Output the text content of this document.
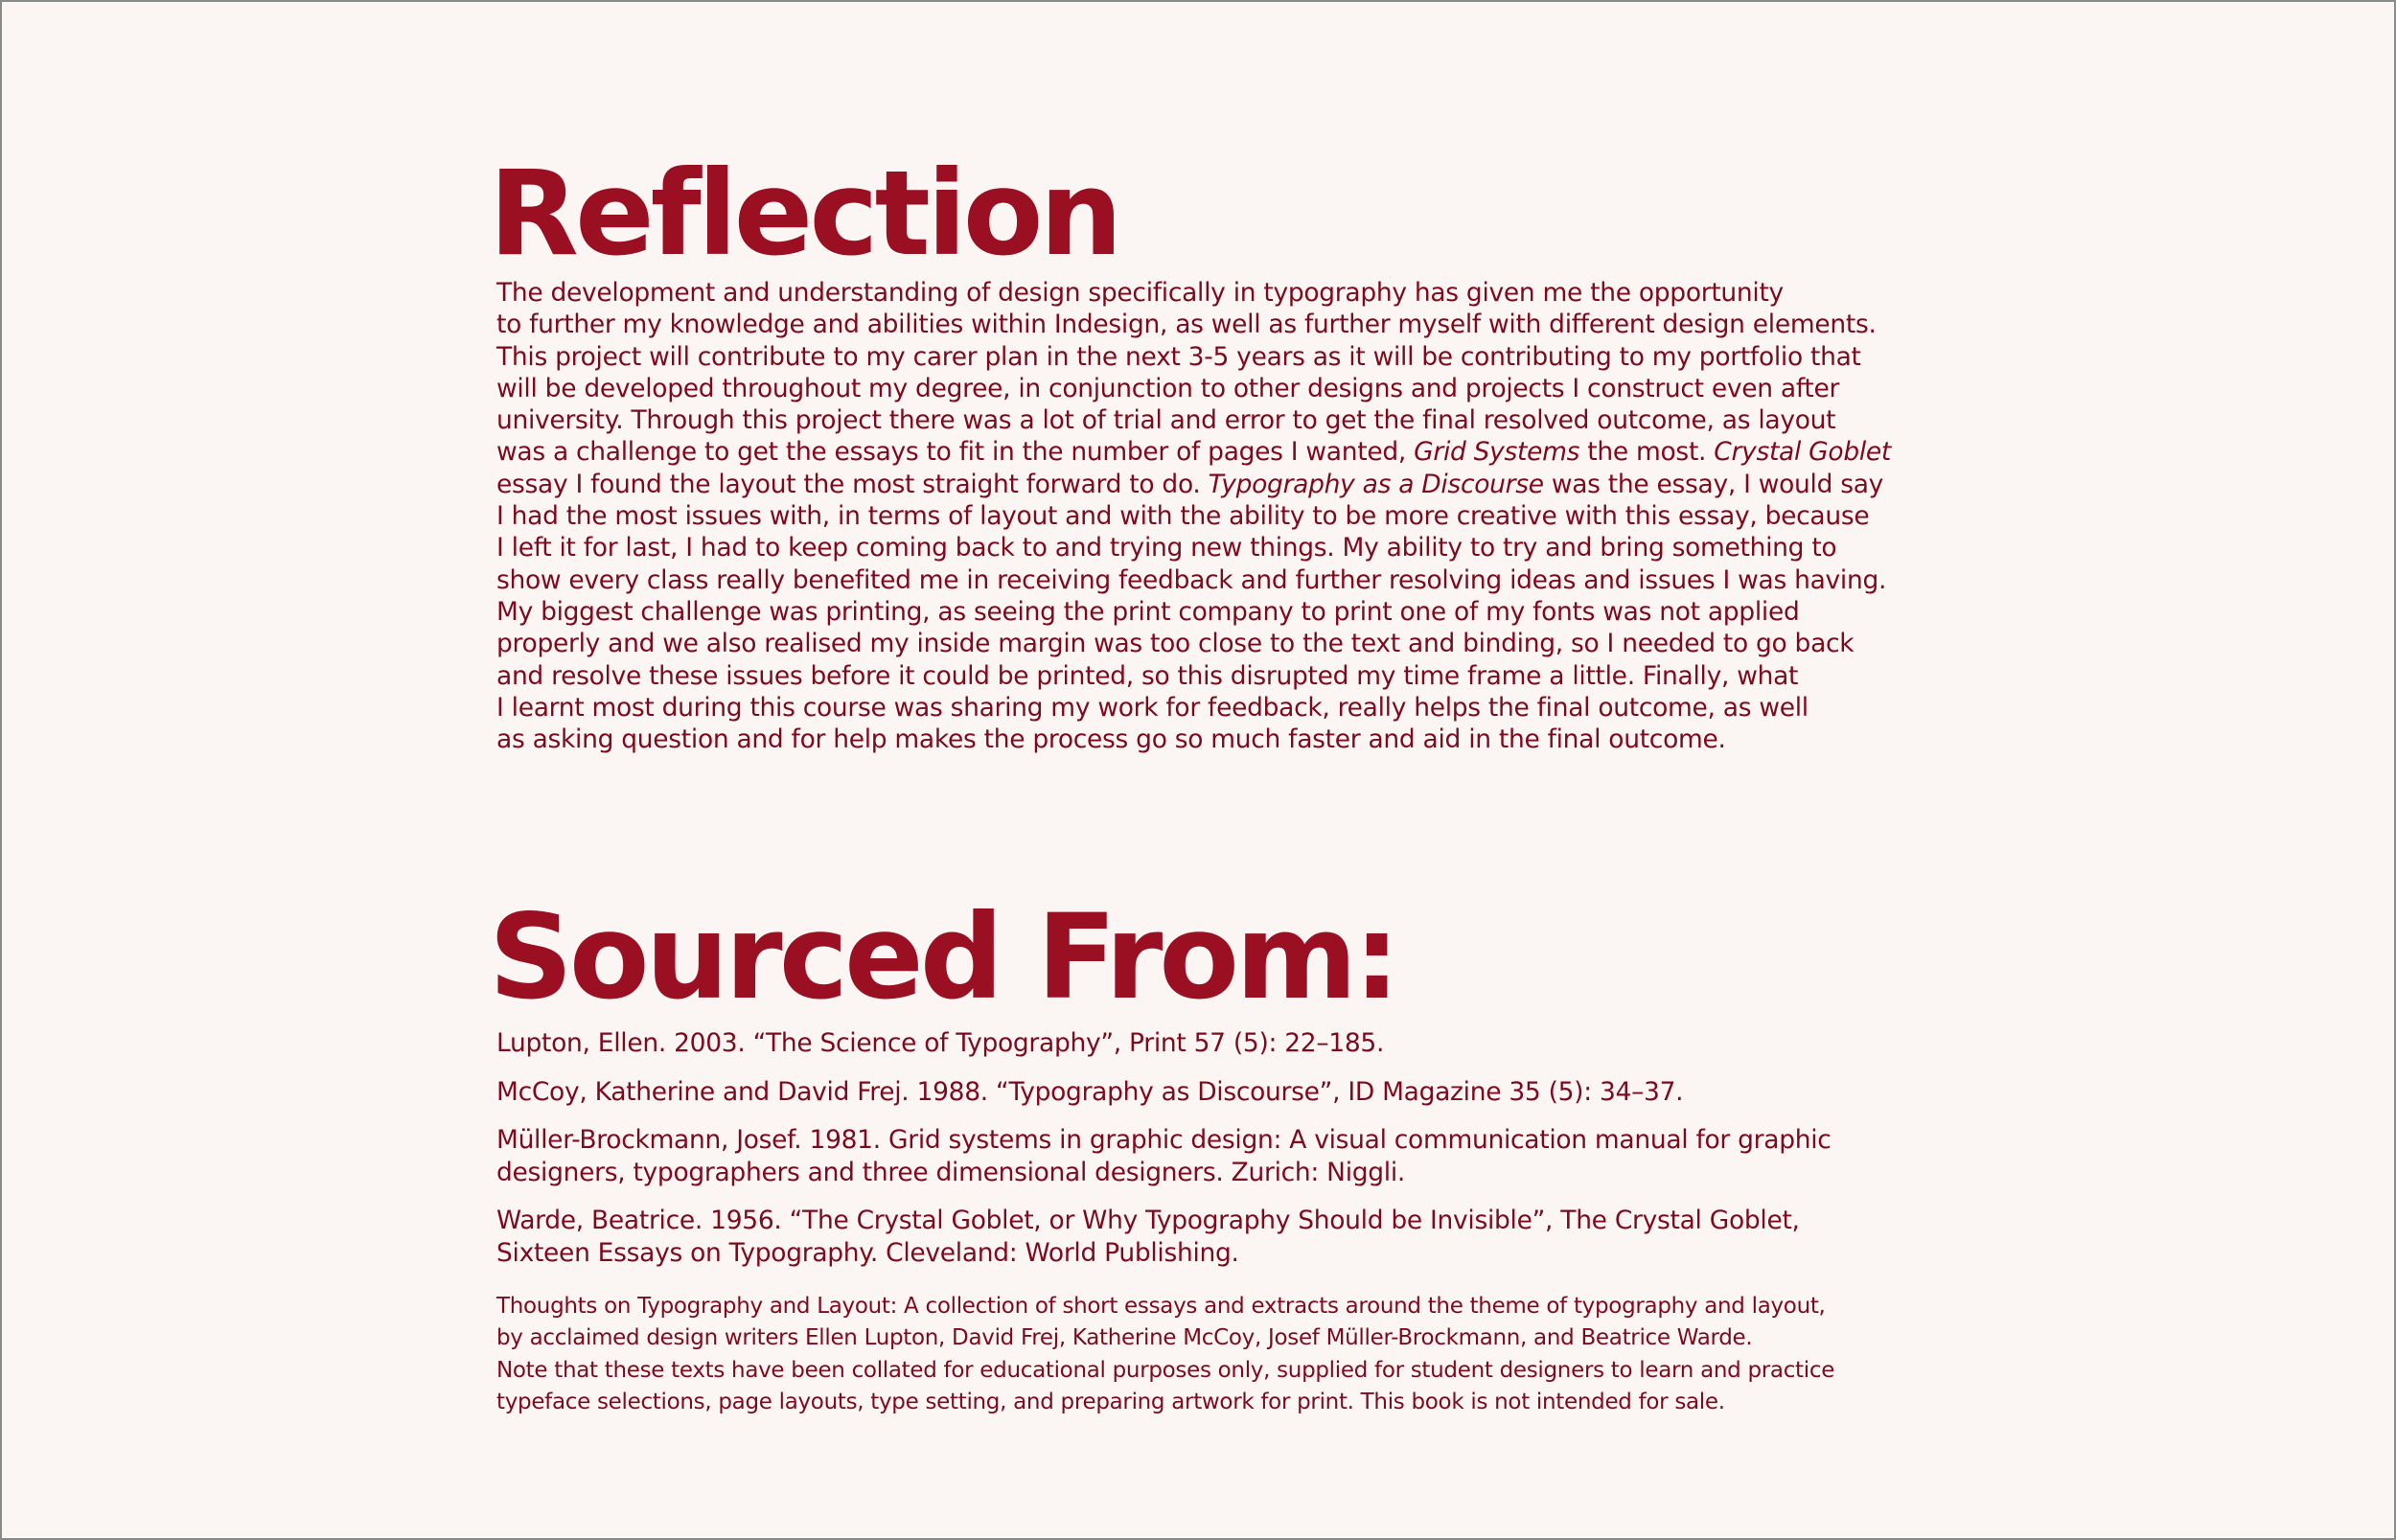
Reflection
The development and understanding of design specifically in typography has given me the opportunity
to further my knowledge and abilities within Indesign, as well as further myself with different design elements.
This project will contribute to my carer plan in the next 3-5 years as it will be contributing to my portfolio that
will be developed throughout my degree, in conjunction to other designs and projects I construct even after
university. Through this project there was a lot of trial and error to get the final resolved outcome, as layout
was a challenge to get the essays to fit in the number of pages I wanted, Grid Systems the most. Crystal Goblet
essay I found the layout the most straight forward to do. Typography as a Discourse was the essay, I would say
I had the most issues with, in terms of layout and with the ability to be more creative with this essay, because
I left it for last, I had to keep coming back to and trying new things. My ability to try and bring something to
show every class really benefited me in receiving feedback and further resolving ideas and issues I was having.
My biggest challenge was printing, as seeing the print company to print one of my fonts was not applied
properly and we also realised my inside margin was too close to the text and binding, so I needed to go back
and resolve these issues before it could be printed, so this disrupted my time frame a little. Finally, what
I learnt most during this course was sharing my work for feedback, really helps the final outcome, as well
as asking question and for help makes the process go so much faster and aid in the final outcome.
Sourced From:
Lupton, Ellen. 2003. “The Science of Typography”, Print 57 (5): 22–185.
McCoy, Katherine and David Frej. 1988. “Typography as Discourse”, ID Magazine 35 (5): 34–37.
Müller-Brockmann, Josef. 1981. Grid systems in graphic design: A visual communication manual for graphic
designers, typographers and three dimensional designers. Zurich: Niggli.
Warde, Beatrice. 1956. “The Crystal Goblet, or Why Typography Should be Invisible”, The Crystal Goblet,
Sixteen Essays on Typography. Cleveland: World Publishing.
Thoughts on Typography and Layout: A collection of short essays and extracts around the theme of typography and layout,
by acclaimed design writers Ellen Lupton, David Frej, Katherine McCoy, Josef Müller-Brockmann, and Beatrice Warde.
Note that these texts have been collated for educational purposes only, supplied for student designers to learn and practice
typeface selections, page layouts, type setting, and preparing artwork for print. This book is not intended for sale.
